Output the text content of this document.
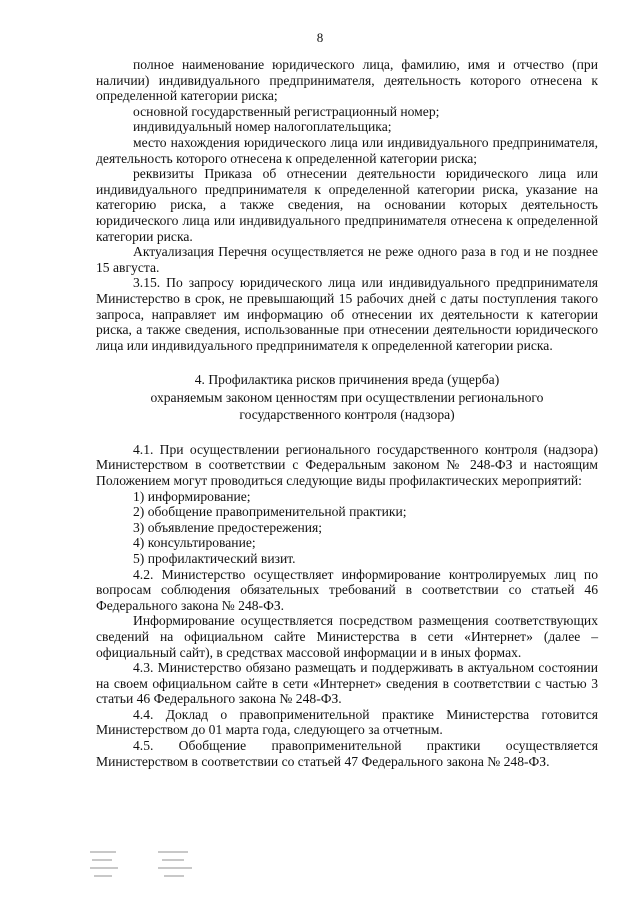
8

полное наименование юридического лица, фамилию, имя и отчество (при наличии) индивидуального предпринимателя, деятельность которого отнесена к определенной категории риска;

основной государственный регистрационный номер;

индивидуальный номер налогоплательщика;

место нахождения юридического лица или индивидуального предпринимателя, деятельность которого отнесена к определенной категории риска;

реквизиты Приказа об отнесении деятельности юридического лица или индивидуального предпринимателя к определенной категории риска, указание на категорию риска, а также сведения, на основании которых деятельность юридического лица или индивидуального предпринимателя отнесена к определенной категории риска.

Актуализация Перечня осуществляется не реже одного раза в год и не позднее 15 августа.

3.15. По запросу юридического лица или индивидуального предпринимателя Министерство в срок, не превышающий 15 рабочих дней с даты поступления такого запроса, направляет им информацию об отнесении их деятельности к категории риска, а также сведения, использованные при отнесении деятельности юридического лица или индивидуального предпринимателя к определенной категории риска.

4. Профилактика рисков причинения вреда (ущерба)
охраняемым законом ценностям при осуществлении регионального
государственного контроля (надзора)

4.1. При осуществлении регионального государственного контроля (надзора) Министерством в соответствии с Федеральным законом № 248-ФЗ и настоящим Положением могут проводиться следующие виды профилактических мероприятий:

1) информирование;

2) обобщение правоприменительной практики;

3) объявление предостережения;

4) консультирование;

5) профилактический визит.

4.2. Министерство осуществляет информирование контролируемых лиц по вопросам соблюдения обязательных требований в соответствии со статьей 46 Федерального закона № 248-ФЗ.

Информирование осуществляется посредством размещения соответствующих сведений на официальном сайте Министерства в сети «Интернет» (далее – официальный сайт), в средствах массовой информации и в иных формах.

4.3. Министерство обязано размещать и поддерживать в актуальном состоянии на своем официальном сайте в сети «Интернет» сведения в соответствии с частью 3 статьи 46 Федерального закона № 248-ФЗ.

4.4. Доклад о правоприменительной практике Министерства готовится Министерством до 01 марта года, следующего за отчетным.

4.5. Обобщение правоприменительной практики осуществляется Министерством в соответствии со статьей 47 Федерального закона № 248-ФЗ.
